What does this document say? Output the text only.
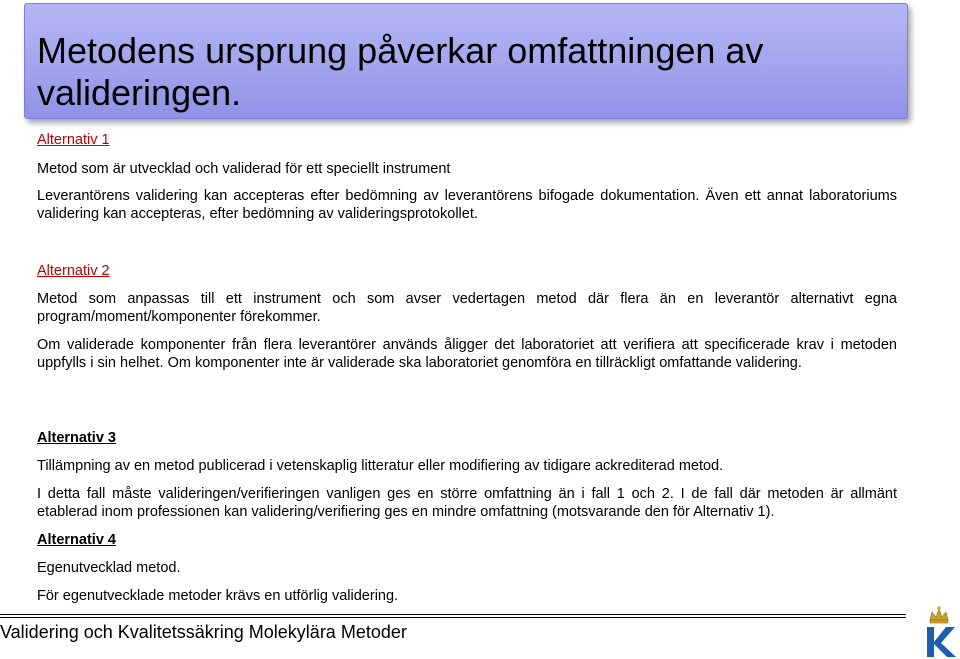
Metodens ursprung påverkar omfattningen av valideringen.
Alternativ 1
Metod som är utvecklad och validerad för ett speciellt instrument
Leverantörens validering kan accepteras efter bedömning av leverantörens bifogade dokumentation. Även ett annat laboratoriums validering kan accepteras, efter bedömning av valideringsprotokollet.
Alternativ 2
Metod som anpassas till ett instrument och som avser vedertagen metod där flera än en leverantör alternativt egna program/moment/komponenter förekommer.
Om validerade komponenter från flera leverantörer används åligger det laboratoriet att verifiera att specificerade krav i metoden uppfylls i sin helhet. Om komponenter inte är validerade ska laboratoriet genomföra en tillräckligt omfattande validering.
Alternativ 3
Tillämpning av en metod publicerad i vetenskaplig litteratur eller modifiering av tidigare ackrediterad metod.
I detta fall måste valideringen/verifieringen vanligen ges en större omfattning än i fall 1 och 2. I de fall där metoden är allmänt etablerad inom professionen kan validering/verifiering ges en mindre omfattning (motsvarande den för Alternativ 1).
Alternativ 4
Egenutvecklad metod.
För egenutvecklade metoder krävs en utförlig validering.
Validering och Kvalitetssäkring Molekylära Metoder
